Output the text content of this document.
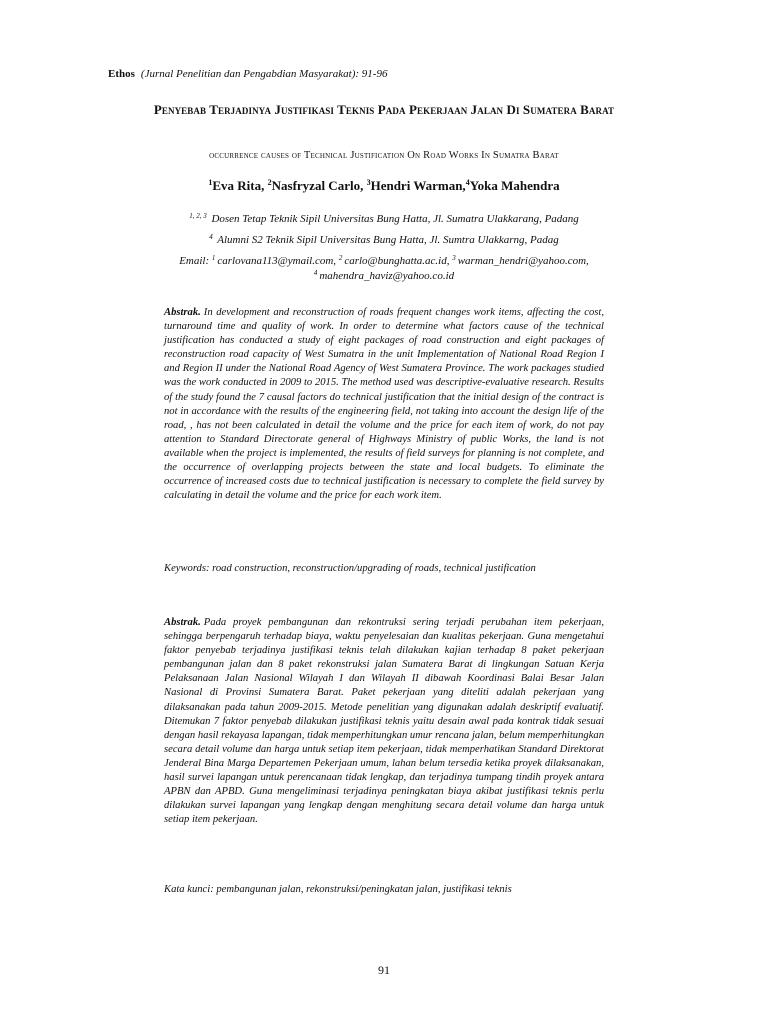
Ethos (Jurnal Penelitian dan Pengabdian Masyarakat): 91-96
Penyebab Terjadinya Justifikasi Teknis Pada Pekerjaan Jalan Di Sumatera Barat
occurrence causes of Technical Justification On Road Works In Sumatra Barat
$^1$Eva Rita, $^2$Nasfryzal Carlo, $^3$Hendri Warman,$^4$Yoka Mahendra
$^{1, 2, 3}$ Dosen Tetap Teknik Sipil Universitas Bung Hatta, Jl. Sumatra Ulakkarang, Padang
$^4$ Alumni S2 Teknik Sipil Universitas Bung Hatta, Jl. Sumtra Ulakkarng, Padag
Email: $^1$ carlovana113@ymail.com, $^2$ carlo@bunghatta.ac.id, $^3$ warman_hendri@yahoo.com,
$^4$ mahendra_haviz@yahoo.co.id
Abstrak. In development and reconstruction of roads frequent changes work items, affecting the cost, turnaround time and quality of work. In order to determine what factors cause of the technical justification has conducted a study of eight packages of road construction and eight packages of reconstruction road capacity of West Sumatra in the unit Implementation of National Road Region I and Region II under the National Road Agency of West Sumatera Province. The work packages studied was the work conducted in 2009 to 2015. The method used was descriptive-evaluative research. Results of the study found the 7 causal factors do technical justification that the initial design of the contract is not in accordance with the results of the engineering field, not taking into account the design life of the road, , has not been calculated in detail the volume and the price for each item of work, do not pay attention to Standard Directorate general of Highways Ministry of public Works, the land is not available when the project is implemented, the results of field surveys for planning is not complete, and the occurrence of overlapping projects between the state and local budgets. To eliminate the occurrence of increased costs due to technical justification is necessary to complete the field survey by calculating in detail the volume and the price for each work item.
Keywords: road construction, reconstruction/upgrading of roads, technical justification
Abstrak. Pada proyek pembangunan dan rekontruksi sering terjadi perubahan item pekerjaan, sehingga berpengaruh terhadap biaya, waktu penyelesaian dan kualitas pekerjaan. Guna mengetahui faktor penyebab terjadinya justifikasi teknis telah dilakukan kajian terhadap 8 paket pekerjaan pembangunan jalan dan 8 paket rekonstruksi jalan Sumatera Barat di lingkungan Satuan Kerja Pelaksanaan Jalan Nasional Wilayah I dan Wilayah II dibawah Koordinasi Balai Besar Jalan Nasional di Provinsi Sumatera Barat. Paket pekerjaan yang diteliti adalah pekerjaan yang dilaksanakan pada tahun 2009-2015. Metode penelitian yang digunakan adalah deskriptif evaluatif. Ditemukan 7 faktor penyebab dilakukan justifikasi teknis yaitu desain awal pada kontrak tidak sesuai dengan hasil rekayasa lapangan, tidak memperhitungkan umur rencana jalan, belum memperhitungkan secara detail volume dan harga untuk setiap item pekerjaan, tidak memperhatikan Standard Direktorat Jenderal Bina Marga Departemen Pekerjaan umum, lahan belum tersedia ketika proyek dilaksanakan, hasil survei lapangan untuk perencanaan tidak lengkap, dan terjadinya tumpang tindih proyek antara APBN dan APBD. Guna mengeliminasi terjadinya peningkatan biaya akibat justifikasi teknis perlu dilakukan survei lapangan yang lengkap dengan menghitung secara detail volume dan harga untuk setiap item pekerjaan.
Kata kunci: pembangunan jalan, rekonstruksi/peningkatan jalan, justifikasi teknis
91
